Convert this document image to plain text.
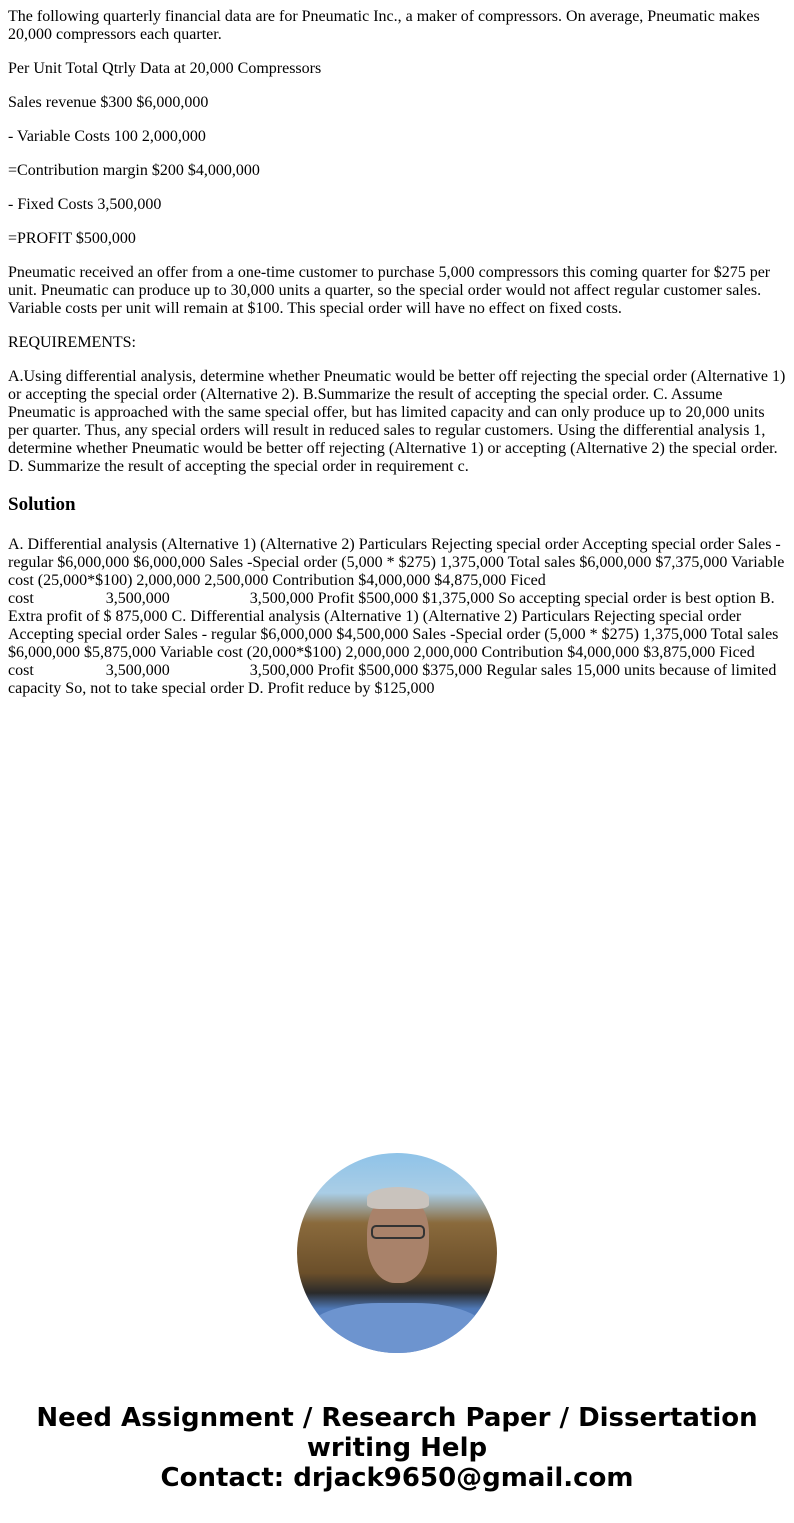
The following quarterly financial data are for Pneumatic Inc., a maker of compressors. On average, Pneumatic makes 20,000 compressors each quarter.

Per Unit Total Qtrly Data at 20,000 Compressors

Sales revenue $300 $6,000,000

- Variable Costs 100 2,000,000

=Contribution margin $200 $4,000,000

- Fixed Costs 3,500,000

=PROFIT $500,000

Pneumatic received an offer from a one-time customer to purchase 5,000 compressors this coming quarter for $275 per unit. Pneumatic can produce up to 30,000 units a quarter, so the special order would not affect regular customer sales. Variable costs per unit will remain at $100. This special order will have no effect on fixed costs.

REQUIREMENTS:

A.Using differential analysis, determine whether Pneumatic would be better off rejecting the special order (Alternative 1) or accepting the special order (Alternative 2). B.Summarize the result of accepting the special order. C. Assume Pneumatic is approached with the same special offer, but has limited capacity and can only produce up to 20,000 units per quarter. Thus, any special orders will result in reduced sales to regular customers. Using the differential analysis 1, determine whether Pneumatic would be better off rejecting (Alternative 1) or accepting (Alternative 2) the special order. D. Summarize the result of accepting the special order in requirement c.

Solution

A. Differential analysis (Alternative 1) (Alternative 2) Particulars Rejecting special order Accepting special order Sales - regular $6,000,000 $6,000,000 Sales -Special order (5,000 * $275) 1,375,000 Total sales $6,000,000 $7,375,000 Variable cost (25,000*$100) 2,000,000 2,500,000 Contribution $4,000,000 $4,875,000 Ficed cost                  3,500,000                    3,500,000 Profit $500,000 $1,375,000 So accepting special order is best option B. Extra profit of $ 875,000 C. Differential analysis (Alternative 1) (Alternative 2) Particulars Rejecting special order Accepting special order Sales - regular $6,000,000 $4,500,000 Sales -Special order (5,000 * $275) 1,375,000 Total sales $6,000,000 $5,875,000 Variable cost (20,000*$100) 2,000,000 2,000,000 Contribution $4,000,000 $3,875,000 Ficed cost                  3,500,000                    3,500,000 Profit $500,000 $375,000 Regular sales 15,000 units because of limited capacity So, not to take special order D. Profit reduce by $125,000

Need Assignment / Research Paper / Dissertation writing Help
Contact: drjack9650@gmail.com
